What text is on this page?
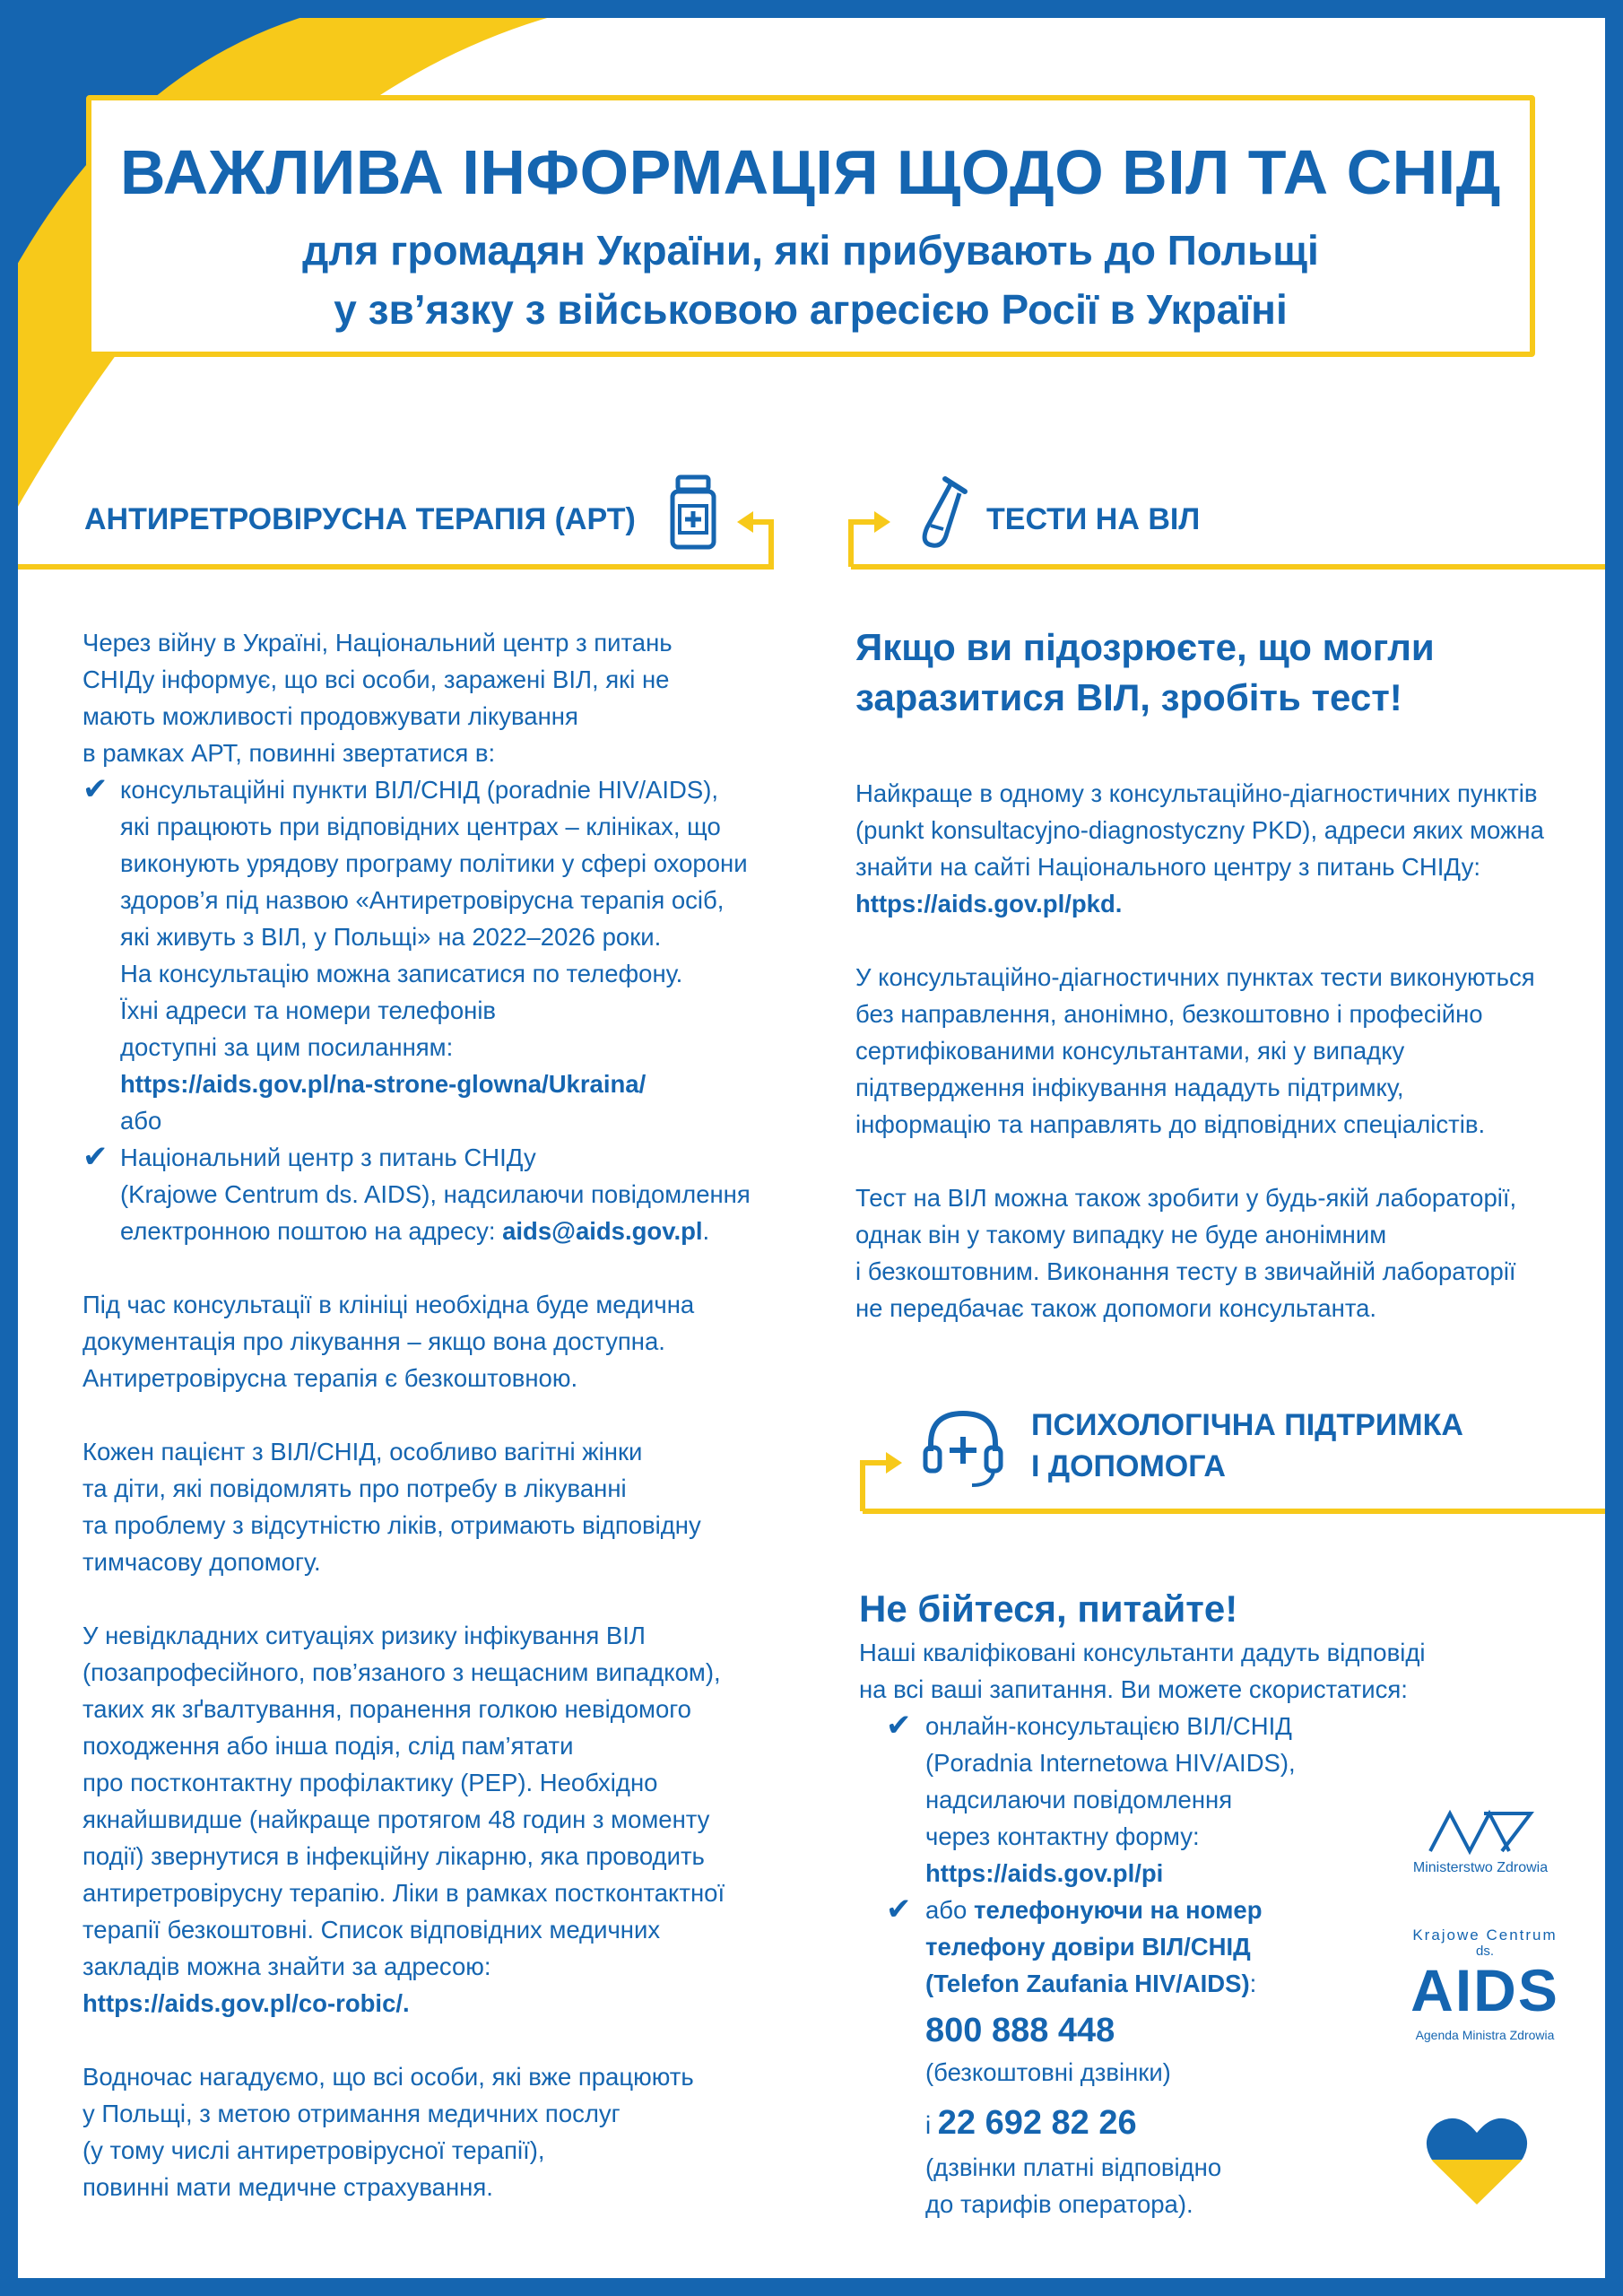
ВАЖЛИВА ІНФОРМАЦІЯ ЩОДО ВІЛ ТА СНІД
для громадян України, які прибувають до Польщі
у зв’язку з військовою агресією Росії в Україні
АНТИРЕТРОВІРУСНА ТЕРАПІЯ (АРТ)	ТЕСТИ НА ВІЛ
ПСИХОЛОГІЧНА ПІДТРИМКА
І ДОПОМОГА

Через війну в Україні, Національний центр з питань

СНІДу інформує, що всі особи, заражені ВІЛ, які не

мають можливості продовжувати лікування

в рамках АРТ, повинні звертатися в:

✔ консультаційні пункти ВІЛ/СНІД (poradnie HIV/AIDS),

які працюють при відповідних центрах – клініках, що

виконують урядову програму політики у сфері охорони

здоров’я під назвою «Антиретровірусна терапія осіб,

які живуть з ВІЛ, у Польщі» на 2022–2026 роки.

На консультацію можна записатися по телефону.

Їхні адреси та номери телефонів

доступні за цим посиланням:

https://aids.gov.pl/na-strone-glowna/Ukraina/

або

✔ Національний центр з питань СНІДу

(Krajowe Centrum ds. AIDS), надсилаючи повідомлення

електронною поштою на адресу: aids@aids.gov.pl.

Під час консультації в клініці необхідна буде медична

документація про лікування – якщо вона доступна.

Антиретровірусна терапія є безкоштовною.

Кожен пацієнт з ВІЛ/СНІД, особливо вагітні жінки

та діти, які повідомлять про потребу в лікуванні

та проблему з відсутністю ліків, отримають відповідну

тимчасову допомогу.

У невідкладних ситуаціях ризику інфікування ВІЛ

(позапрофесійного, пов’язаного з нещасним випадком),

таких як зґвалтування, поранення голкою невідомого

походження або інша подія, слід пам’ятати

про постконтактну профілактику (PEP). Необхідно

якнайшвидше (найкраще протягом 48 годин з моменту

події) звернутися в інфекційну лікарню, яка проводить

антиретровірусну терапію. Ліки в рамках постконтактної

терапії безкоштовні. Список відповідних медичних

закладів можна знайти за адресою:

https://aids.gov.pl/co-robic/.

Водночас нагадуємо, що всі особи, які вже працюють

у Польщі, з метою отримання медичних послуг

(у тому числі антиретровірусної терапії),

повинні мати медичне страхування.

Якщо ви підозрюєте, що могли

заразитися ВІЛ, зробіть тест!

Найкраще в одному з консультаційно-діагностичних пунктів

(punkt konsultacyjno-diagnostyczny PKD), адреси яких можна

знайти на сайті Національного центру з питань СНІДу:

https://aids.gov.pl/pkd.

У консультаційно-діагностичних пунктах тести виконуються

без направлення, анонімно, безкоштовно і професійно

сертифікованими консультантами, які у випадку

підтвердження інфікування нададуть підтримку,

інформацію та направлять до відповідних спеціалістів.

Тест на ВІЛ можна також зробити у будь-якій лабораторії,

однак він у такому випадку не буде анонімним

і безкоштовним. Виконання тесту в звичайній лабораторії

не передбачає також допомоги консультанта.

Не бійтеся, питайте!

Наші кваліфіковані консультанти дадуть відповіді

на всі ваші запитання. Ви можете скористатися:

✔ онлайн-консультацією ВІЛ/СНІД

(Poradnia Internetowa HIV/AIDS),

надсилаючи повідомлення

через контактну форму:

https://aids.gov.pl/pi

✔ або телефонуючи на номер

телефону довіри ВІЛ/СНІД

(Telefon Zaufania HIV/AIDS):

800 888 448

(безкоштовні дзвінки)

і 22 692 82 26

(дзвінки платні відповідно

до тарифів оператора).

Ministerstwo Zdrowia
Krajowe Centrum
ds.
AIDS
Agenda Ministra Zdrowia
